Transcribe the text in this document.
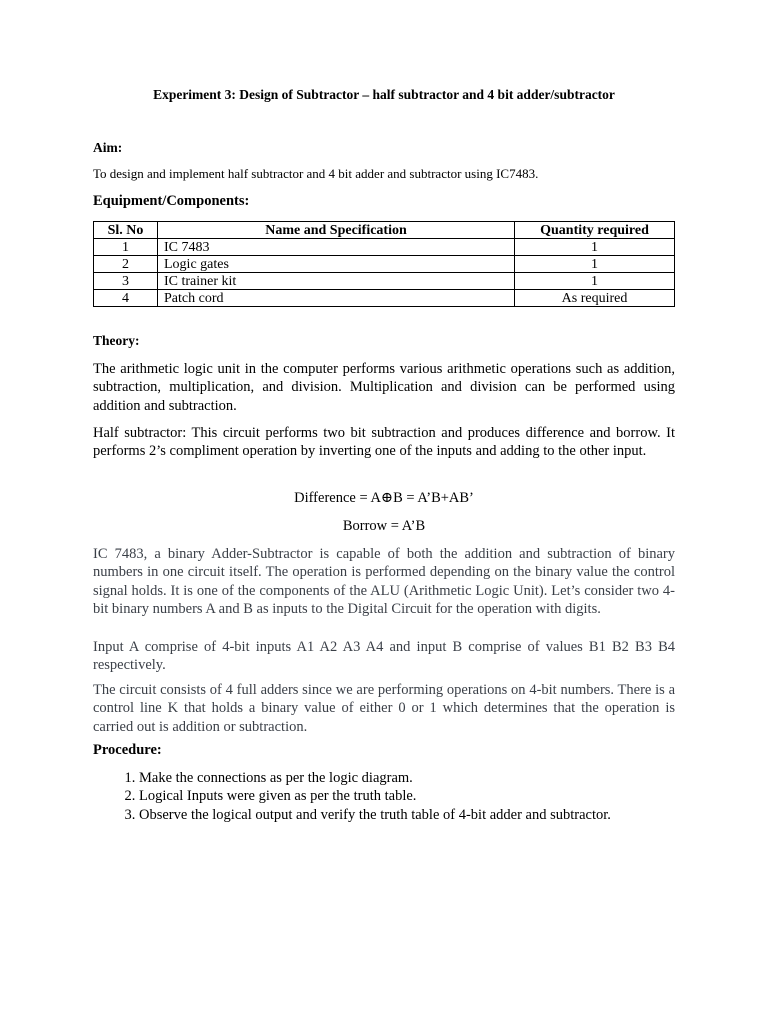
Experiment 3: Design of Subtractor – half subtractor and 4 bit adder/subtractor
Aim:
To design and implement half subtractor and 4 bit adder and subtractor using IC7483.
Equipment/Components:
Sl. No	Name and Specification	Quantity required
1	IC 7483	1
2	Logic gates	1
3	IC trainer kit	1
4	Patch cord	As required
Theory:
The arithmetic logic unit in the computer performs various arithmetic operations such as addition, subtraction, multiplication, and division. Multiplication and division can be performed using addition and subtraction.
Half subtractor: This circuit performs two bit subtraction and produces difference and borrow. It performs 2’s compliment operation by inverting one of the inputs and adding to the other input.
Difference = A⊕B = A’B+AB’
Borrow = A’B
IC 7483, a binary Adder-Subtractor is capable of both the addition and subtraction of binary numbers in one circuit itself. The operation is performed depending on the binary value the control signal holds. It is one of the components of the ALU (Arithmetic Logic Unit). Let’s consider two 4-bit binary numbers A and B as inputs to the Digital Circuit for the operation with digits.
Input A comprise of 4-bit inputs A1 A2 A3 A4 and input B comprise of values B1 B2 B3 B4 respectively.
The circuit consists of 4 full adders since we are performing operations on 4-bit numbers. There is a control line K that holds a binary value of either 0 or 1 which determines that the operation is carried out is addition or subtraction.
Procedure:
1. Make the connections as per the logic diagram.
2. Logical Inputs were given as per the truth table.
3. Observe the logical output and verify the truth table of 4-bit adder and subtractor.
